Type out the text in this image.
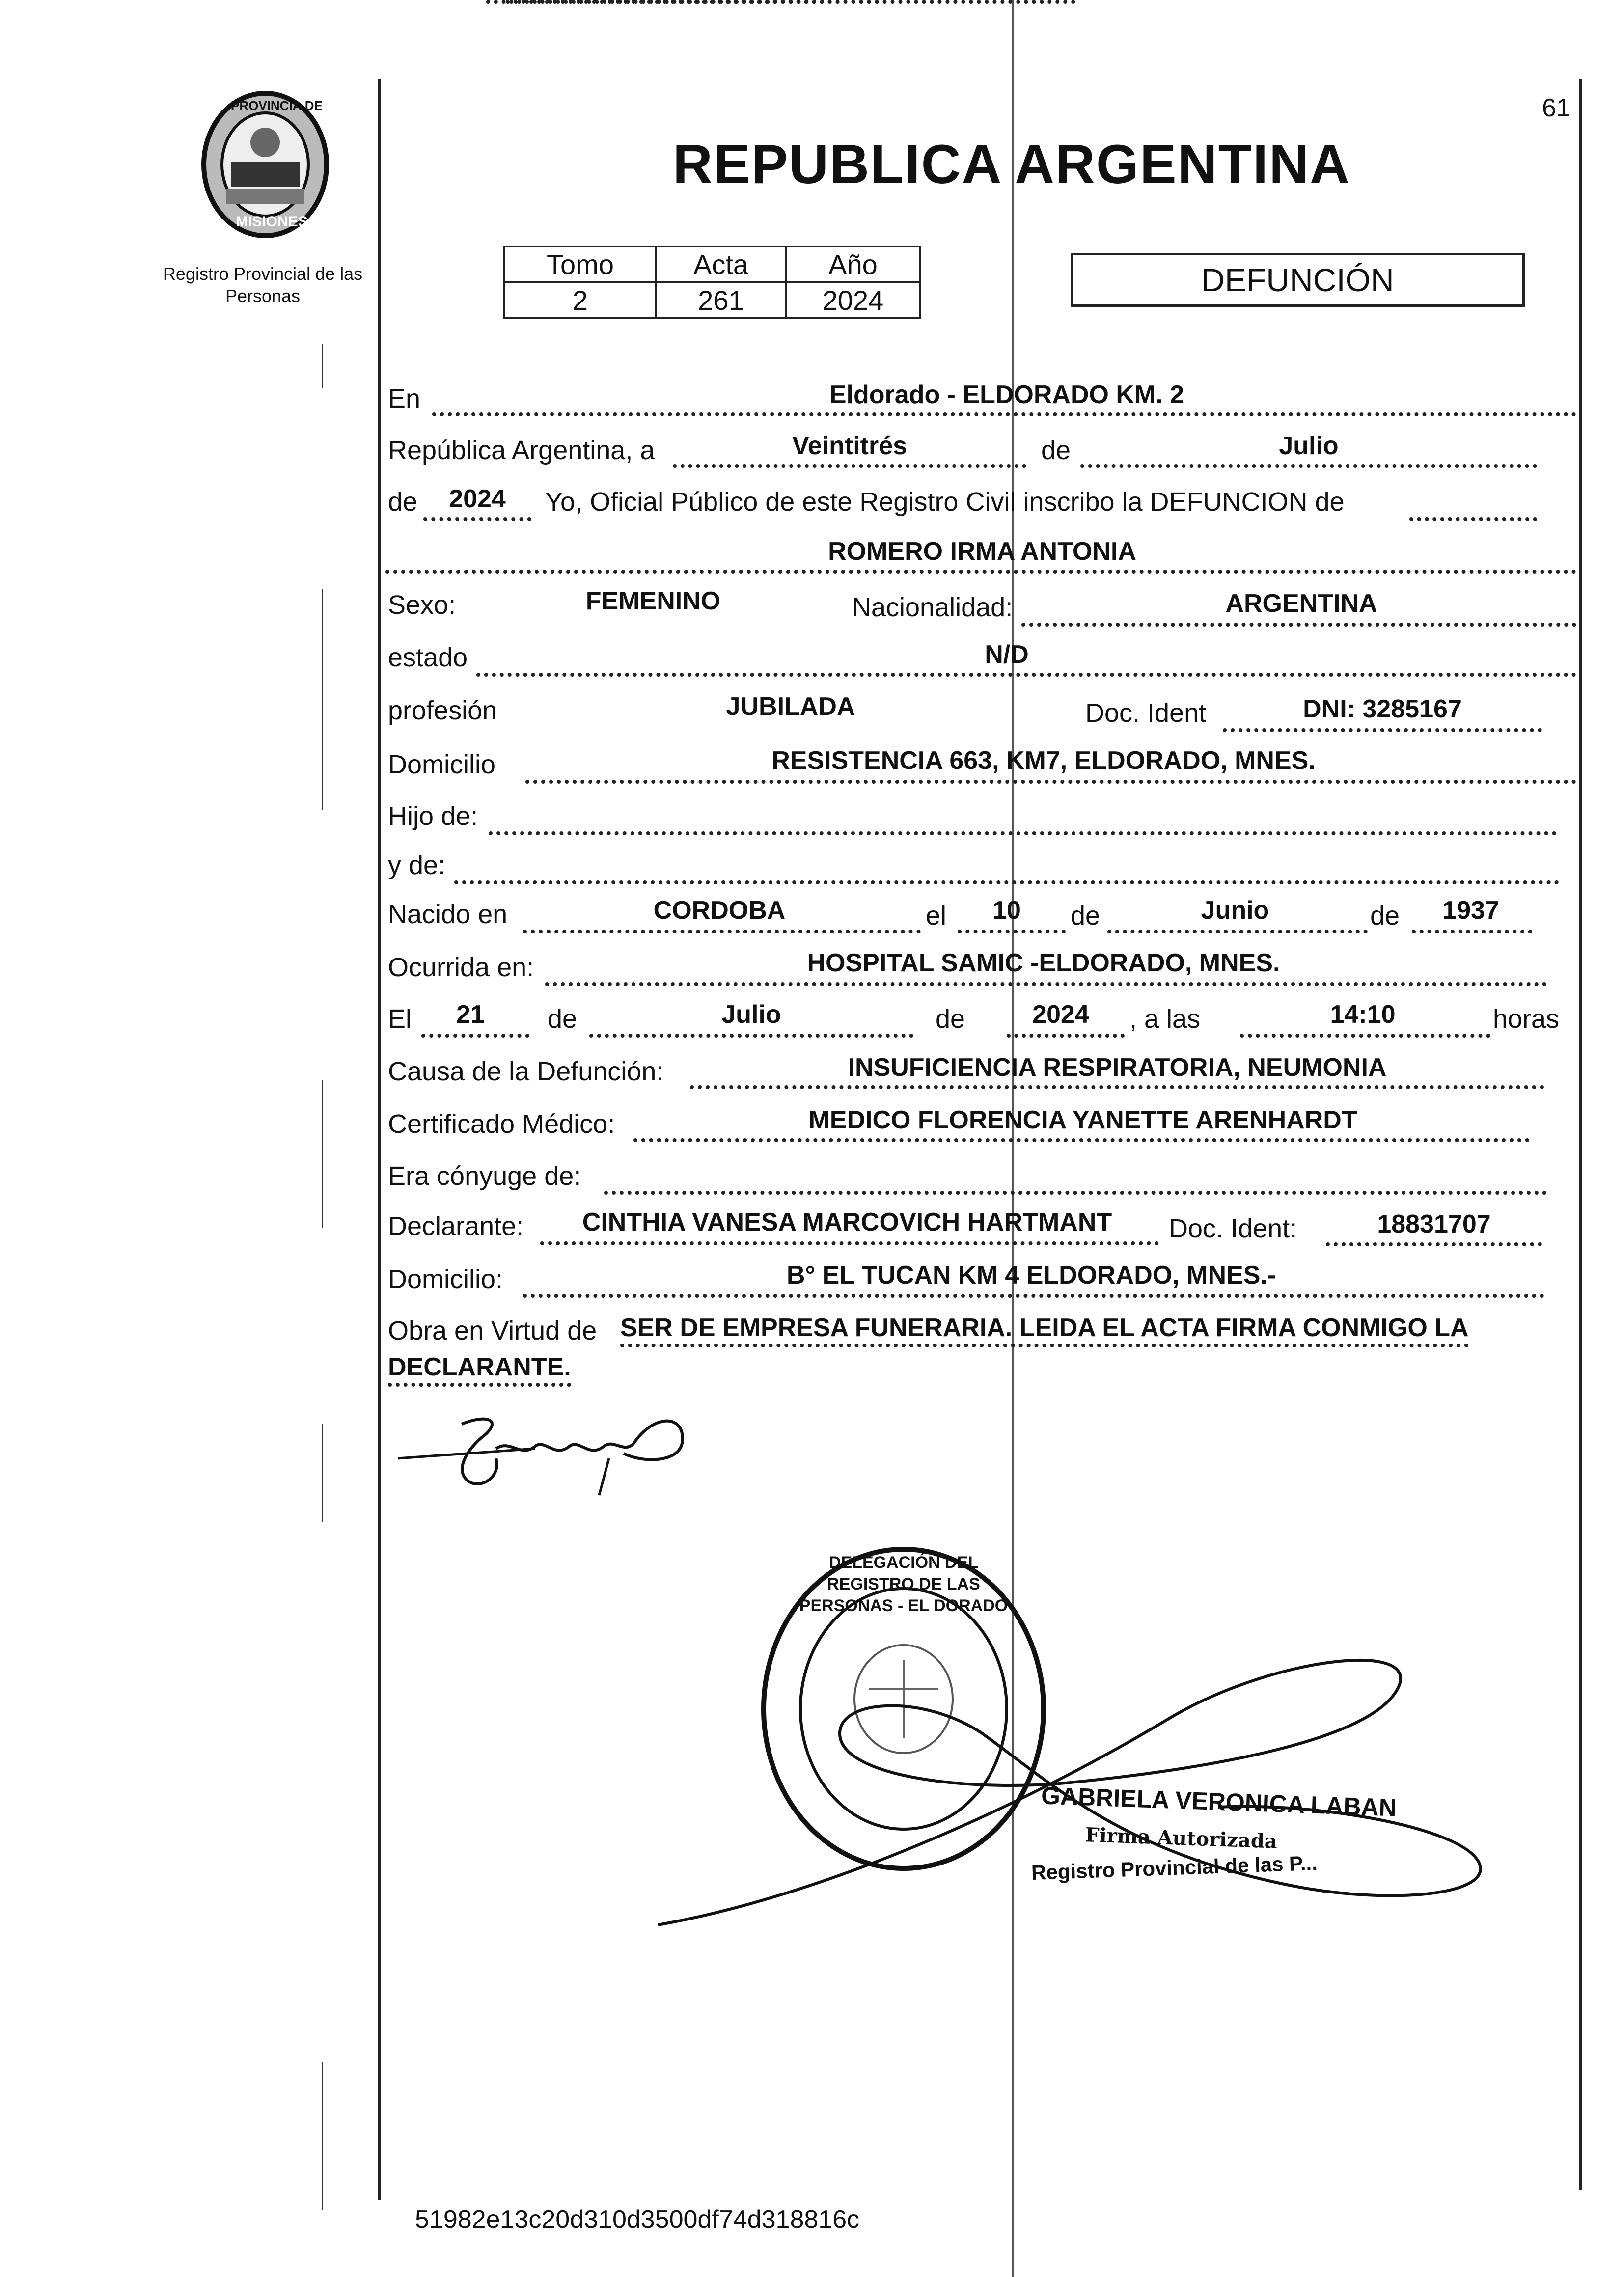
PROVINCIA DE
MISIONES
Registro Provincial de las Personas
61
REPUBLICA ARGENTINA
Tomo	Acta	Año
2	261	2024
DEFUNCIÓN
En	Eldorado - ELDORADO KM. 2
República Argentina, a	Veintitrés	de	Julio
de	2024	Yo, Oficial Público de este Registro Civil inscribo la DEFUNCION de
ROMERO IRMA ANTONIA
Sexo:	FEMENINO	Nacionalidad:	ARGENTINA
estado	N/D
profesión	JUBILADA	Doc. Ident	DNI: 3285167
Domicilio	RESISTENCIA 663, KM7, ELDORADO, MNES.
Hijo de:
y de:
Nacido en	CORDOBA	el	10	de	Junio	de	1937
Ocurrida en:	HOSPITAL SAMIC -ELDORADO, MNES.
El	21	de	Julio	de	2024	, a las	14:10	horas
Causa de la Defunción:	INSUFICIENCIA RESPIRATORIA, NEUMONIA
Certificado Médico:	MEDICO FLORENCIA YANETTE ARENHARDT
Era cónyuge de:
Declarante:	CINTHIA VANESA MARCOVICH HARTMANT	Doc. Ident:	18831707
Domicilio:	B° EL TUCAN KM 4 ELDORADO, MNES.-
Obra en Virtud de SER DE EMPRESA FUNERARIA. LEIDA EL ACTA FIRMA CONMIGO LA
DECLARANTE.
DELEGACIÓN DEL REGISTRO DE LAS PERSONAS - EL DORADO
GABRIELA VERONICA LABAN
Firma Autorizada
Registro Provincial de las P...
51982e13c20d310d3500df74d318816c
